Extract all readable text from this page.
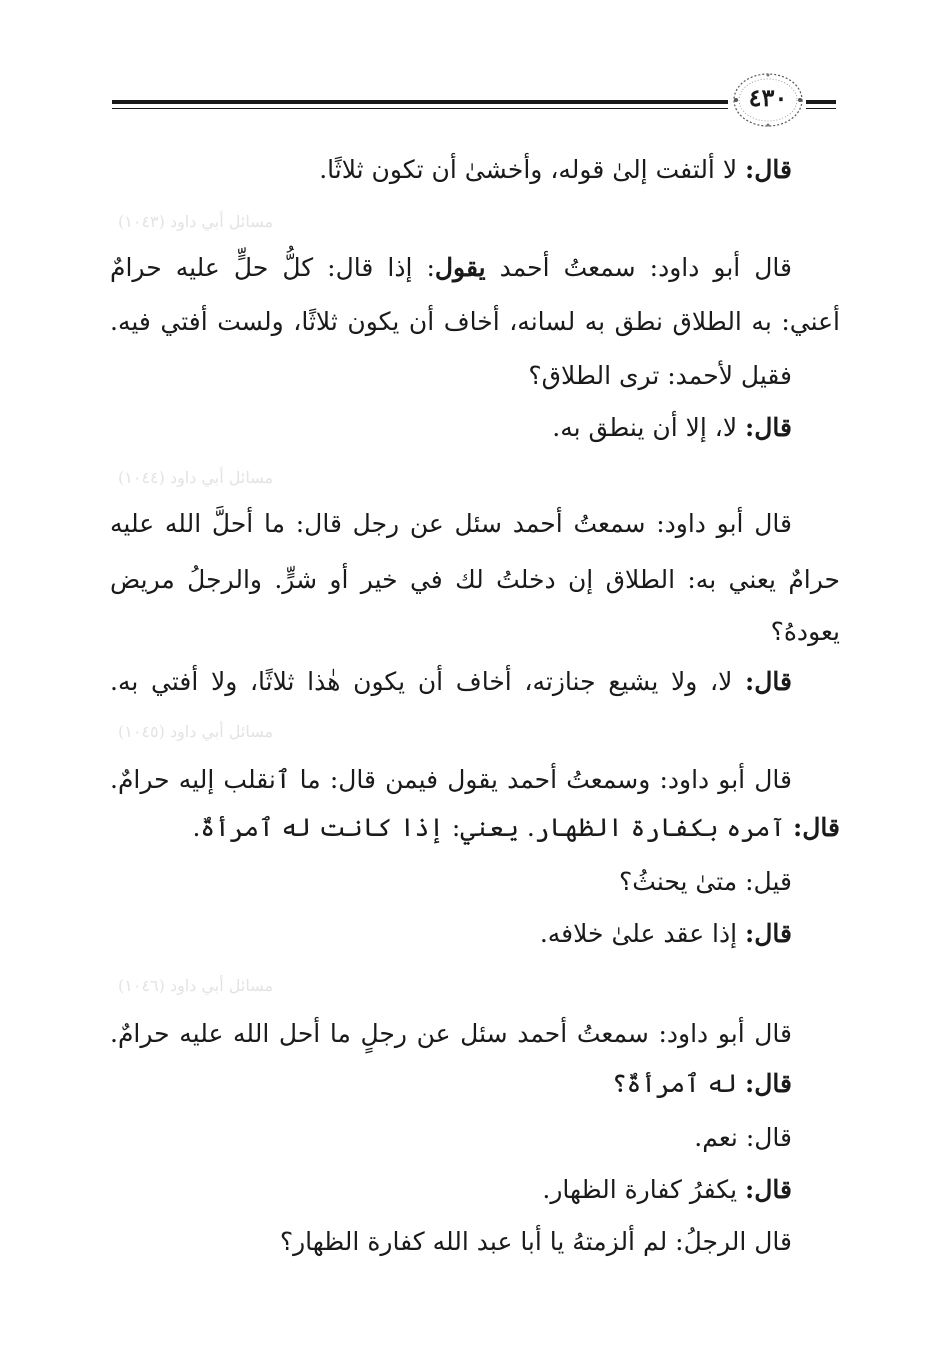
٤٣٠
مسائل أبي داود (١٠٤٣)
مسائل أبي داود (١٠٤٤)
مسائل أبي داود (١٠٤٥)
مسائل أبي داود (١٠٤٦)
قال: لا ألتفت إلىٰ قوله، وأخشىٰ أن تكون ثلاثًا.
قال أبو داود: سمعتُ أحمد يقول: إذا قال: كلُّ حلٍّ عليه حرامٌ
أعني: به الطلاق نطق به لسانه، أخاف أن يكون ثلاثًا، ولست أفتي فيه.
فقيل لأحمد: ترى الطلاق؟
قال: لا، إلا أن ينطق به.
قال أبو داود: سمعتُ أحمد سئل عن رجل قال: ما أحلَّ الله عليه
حرامٌ يعني به: الطلاق إن دخلتُ لك في خير أو شرٍّ. والرجلُ مريض
يعودهُ؟
قال: لا، ولا يشيع جنازته، أخاف أن يكون هٰذا ثلاثًا، ولا أفتي به.
قال أبو داود: وسمعتُ أحمد يقول فيمن قال: ما ٱنقلب إليه حرامٌ.
قال: آمره بكفارة الظهار. يعني: إذا كانت له ٱمرأةٌ.
قيل: متىٰ يحنثُ؟
قال: إذا عقد علىٰ خلافه.
قال أبو داود: سمعتُ أحمد سئل عن رجلٍ ما أحل الله عليه حرامٌ.
قال: له ٱمرأةٌ؟
قال: نعم.
قال: يكفرُ كفارة الظهار.
قال الرجلُ: لم ألزمتهُ يا أبا عبد الله كفارة الظهار؟
